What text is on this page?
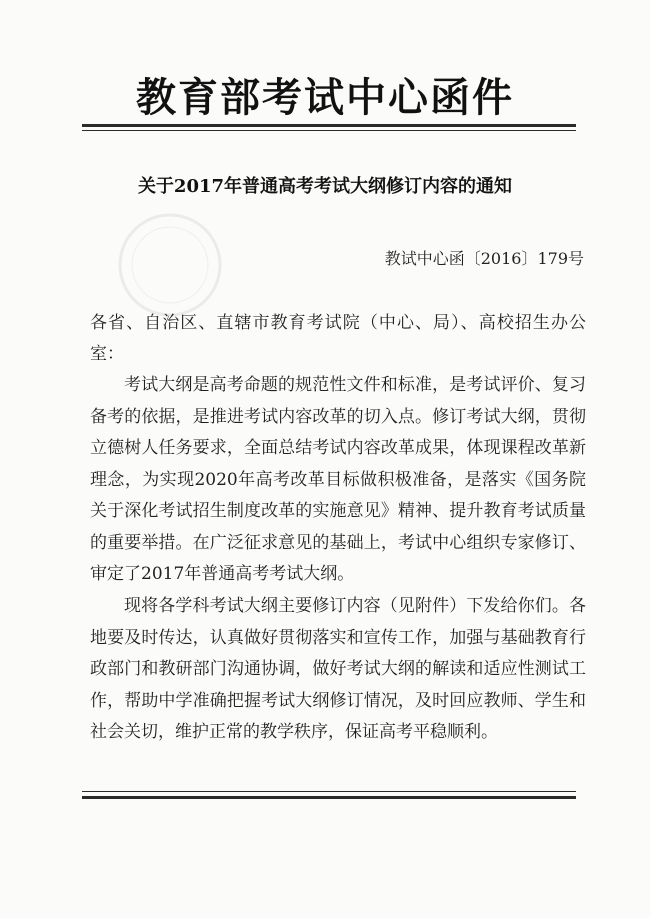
教育部考试中心函件
关于2017年普通高考考试大纲修订内容的通知
教试中心函〔2016〕179号
各省、自治区、直辖市教育考试院（中心、局）、高校招生办公室：
考试大纲是高考命题的规范性文件和标准，是考试评价、复习备考的依据，是推进考试内容改革的切入点。修订考试大纲，贯彻立德树人任务要求，全面总结考试内容改革成果，体现课程改革新理念，为实现2020年高考改革目标做积极准备，是落实《国务院关于深化考试招生制度改革的实施意见》精神、提升教育考试质量的重要举措。在广泛征求意见的基础上，考试中心组织专家修订、审定了2017年普通高考考试大纲。
现将各学科考试大纲主要修订内容（见附件）下发给你们。各地要及时传达，认真做好贯彻落实和宣传工作，加强与基础教育行政部门和教研部门沟通协调，做好考试大纲的解读和适应性测试工作，帮助中学准确把握考试大纲修订情况，及时回应教师、学生和社会关切，维护正常的教学秩序，保证高考平稳顺利。
